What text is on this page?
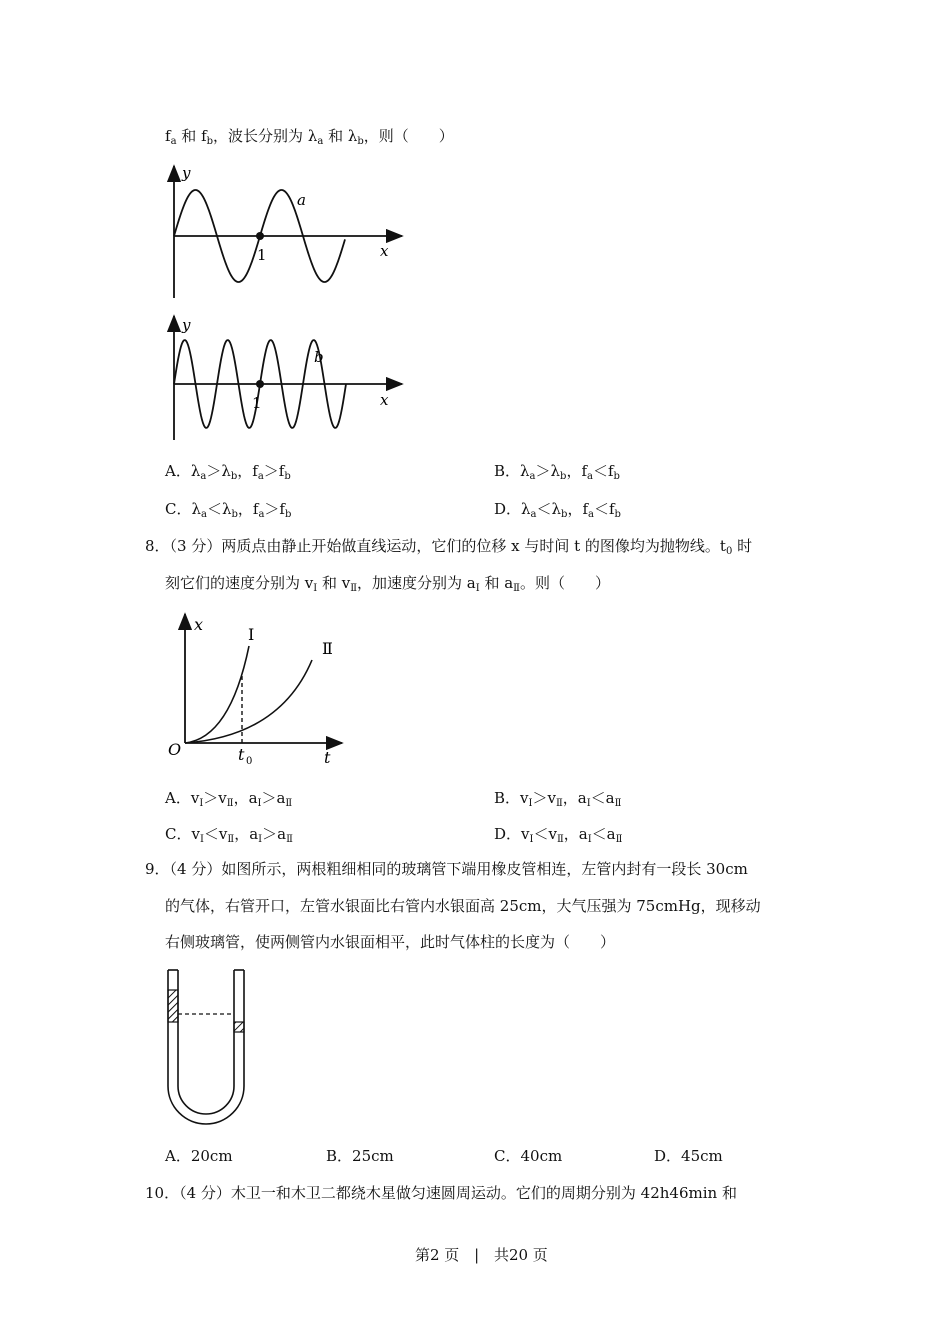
$f_a$ 和 $f_b$，波长分别为 $\lambda_a$ 和 $\lambda_b$，则（　　）
y
x
a
1
y
x
b
1
A．$\lambda_a>\lambda_b$，$f_a>f_b$	B．$\lambda_a>\lambda_b$，$f_a<f_b$
C．$\lambda_a<\lambda_b$，$f_a>f_b$	D．$\lambda_a<\lambda_b$，$f_a<f_b$
8．（3 分）两质点由静止开始做直线运动，它们的位移 x 与时间 t 的图像均为抛物线。$t_0$ 时
刻它们的速度分别为 $v_Ⅰ$ 和 $v_Ⅱ$，加速度分别为 $a_Ⅰ$ 和 $a_Ⅱ$。则（　　）
x
t
O	t 0
Ⅰ
Ⅱ
A．$v_Ⅰ>v_Ⅱ$，$a_Ⅰ>a_Ⅱ$	B．$v_Ⅰ>v_Ⅱ$，$a_Ⅰ<a_Ⅱ$
C．$v_Ⅰ<v_Ⅱ$，$a_Ⅰ>a_Ⅱ$	D．$v_Ⅰ<v_Ⅱ$，$a_Ⅰ<a_Ⅱ$
9．（4 分）如图所示，两根粗细相同的玻璃管下端用橡皮管相连，左管内封有一段长 30cm
的气体，右管开口，左管水银面比右管内水银面高 25cm，大气压强为 75cmHg，现移动
右侧玻璃管，使两侧管内水银面相平，此时气体柱的长度为（　　）
A．20cm	B．25cm	C．40cm	D．45cm
10．（4 分）木卫一和木卫二都绕木星做匀速圆周运动。它们的周期分别为 42h46min 和
第2 页 | 共20 页
